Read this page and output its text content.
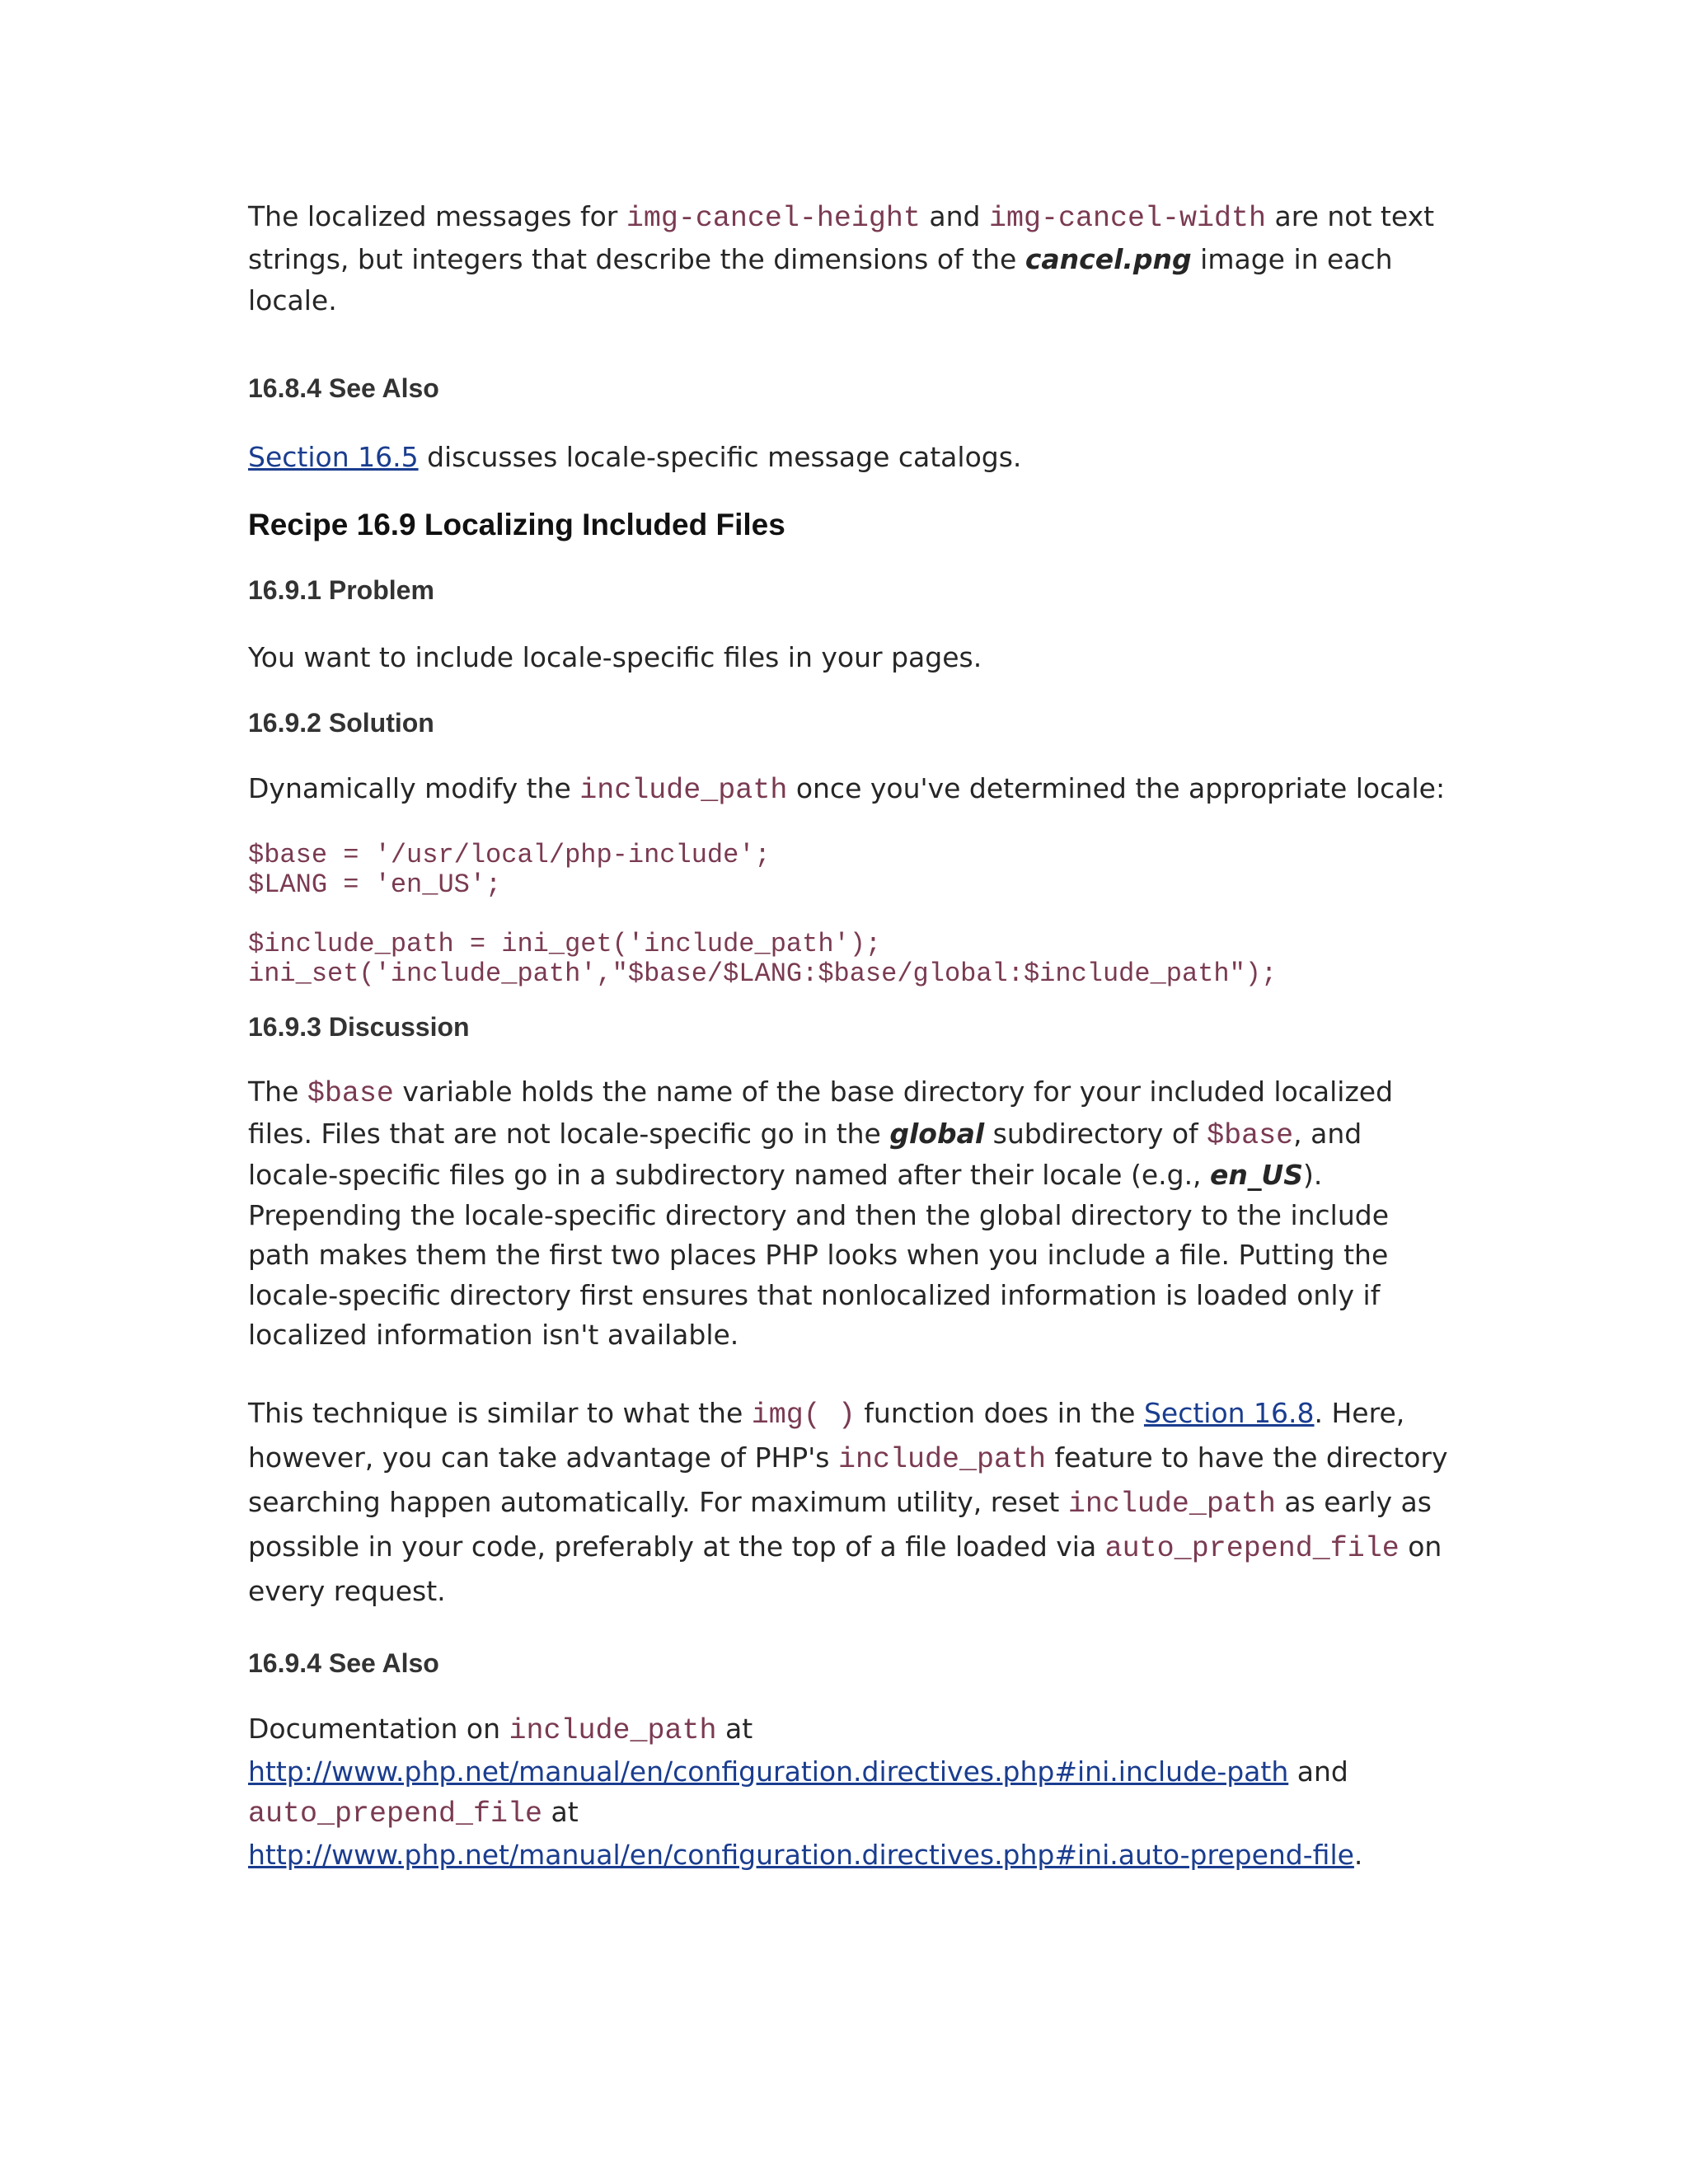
The localized messages for img-cancel-height and img-cancel-width are not text strings, but integers that describe the dimensions of the cancel.png image in each locale.

16.8.4 See Also

Section 16.5 discusses locale-specific message catalogs.

Recipe 16.9 Localizing Included Files
16.9.1 Problem

You want to include locale-specific files in your pages.

16.9.2 Solution

Dynamically modify the include_path once you've determined the appropriate locale:

$base = '/usr/local/php-include';
$LANG = 'en_US';

$include_path = ini_get('include_path');
ini_set('include_path',"$base/$LANG:$base/global:$include_path");
16.9.3 Discussion

The $base variable holds the name of the base directory for your included localized files. Files that are not locale-specific go in the global subdirectory of $base, and locale-specific files go in a subdirectory named after their locale (e.g., en_US). Prepending the locale-specific directory and then the global directory to the include path makes them the first two places PHP looks when you include a file. Putting the locale-specific directory first ensures that nonlocalized information is loaded only if localized information isn't available.

This technique is similar to what the img( ) function does in the Section 16.8. Here, however, you can take advantage of PHP's include_path feature to have the directory searching happen automatically. For maximum utility, reset include_path as early as possible in your code, preferably at the top of a file loaded via auto_prepend_file on every request.

16.9.4 See Also

Documentation on include_path at
http://www.php.net/manual/en/configuration.directives.php#ini.include-path and
auto_prepend_file at
http://www.php.net/manual/en/configuration.directives.php#ini.auto-prepend-file.
